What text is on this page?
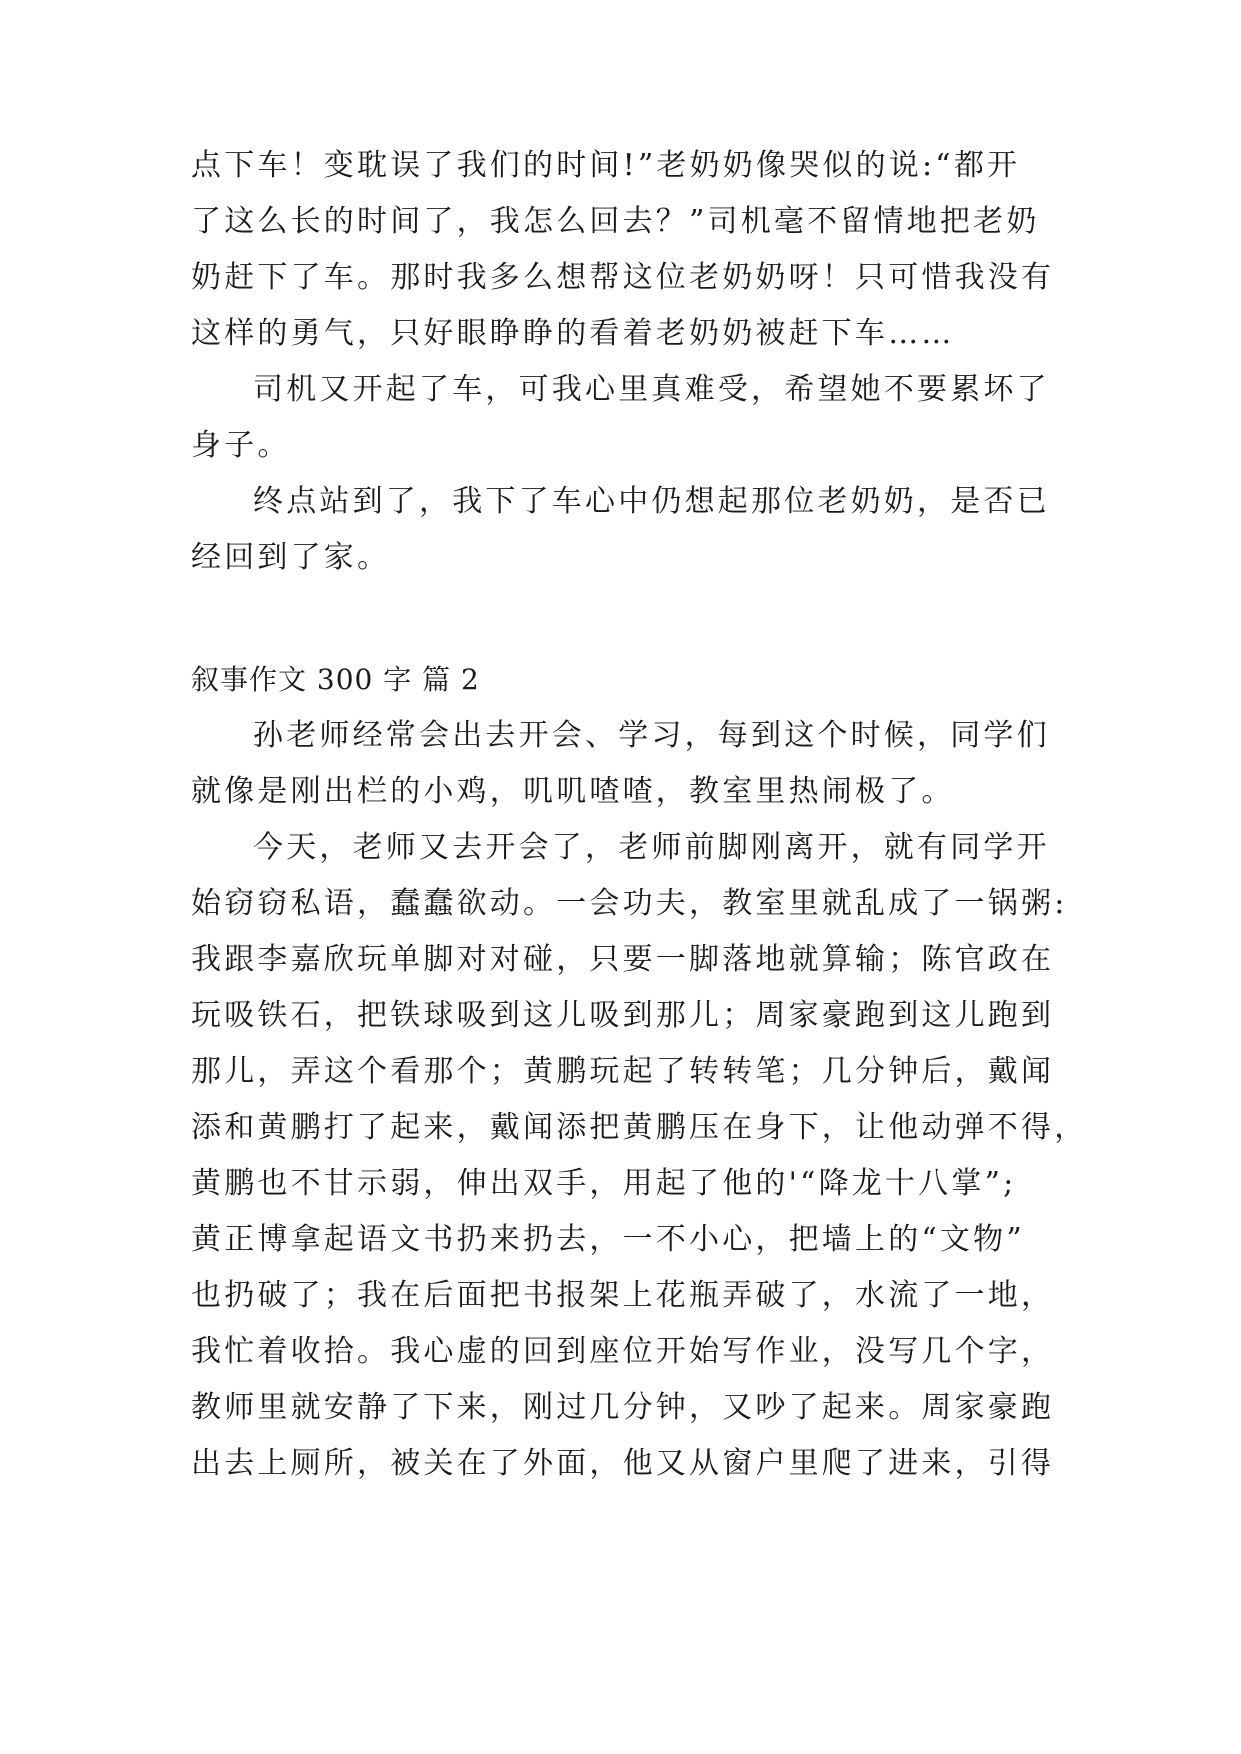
点下车！变耽误了我们的时间!”老奶奶像哭似的说:“都开
了这么长的时间了，我怎么回去？”司机毫不留情地把老奶
奶赶下了车。那时我多么想帮这位老奶奶呀！只可惜我没有
这样的勇气，只好眼睁睁的看着老奶奶被赶下车……
司机又开起了车，可我心里真难受，希望她不要累坏了
身子。
终点站到了，我下了车心中仍想起那位老奶奶，是否已
经回到了家。
叙事作文 300 字 篇 2
孙老师经常会出去开会、学习，每到这个时候，同学们
就像是刚出栏的小鸡，叽叽喳喳，教室里热闹极了。
今天，老师又去开会了，老师前脚刚离开，就有同学开
始窃窃私语，蠢蠢欲动。一会功夫，教室里就乱成了一锅粥:
我跟李嘉欣玩单脚对对碰，只要一脚落地就算输；陈官政在
玩吸铁石，把铁球吸到这儿吸到那儿；周家豪跑到这儿跑到
那儿，弄这个看那个；黄鹏玩起了转转笔；几分钟后，戴闻
添和黄鹏打了起来，戴闻添把黄鹏压在身下，让他动弹不得，
黄鹏也不甘示弱，伸出双手，用起了他的'“降龙十八掌”;
黄正博拿起语文书扔来扔去，一不小心，把墙上的“文物”
也扔破了；我在后面把书报架上花瓶弄破了，水流了一地，
我忙着收拾。我心虚的回到座位开始写作业，没写几个字，
教师里就安静了下来，刚过几分钟，又吵了起来。周家豪跑
出去上厕所，被关在了外面，他又从窗户里爬了进来，引得
